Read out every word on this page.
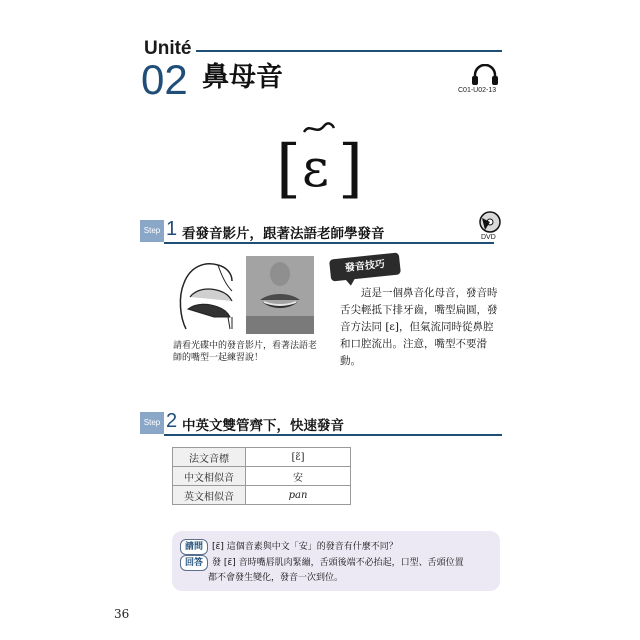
Unité
02 鼻母音	C01-U02-13
[ ]
ɛ
Step 1 看發音影片，跟著法語老師學發音	DVD
請看光碟中的發音影片，看著法語老師的嘴型一起練習說！
發音技巧
這是一個鼻音化母音，發音時舌尖輕抵下排牙齒，嘴型扁圓，發音方法同 [ɛ]，但氣流同時從鼻腔和口腔流出。注意，嘴型不要滑動。
Step 2 中英文雙管齊下，快速發音
法文音標	[ɛ̃]
中文相似音	安
英文相似音	pan
請問 [ɛ̃] 這個音素與中文「安」的發音有什麼不同？
回答 發 [ɛ̃] 音時嘴唇肌肉緊繃，舌頭後端不必抬起，口型、舌頭位置
都不會發生變化，發音一次到位。
36
